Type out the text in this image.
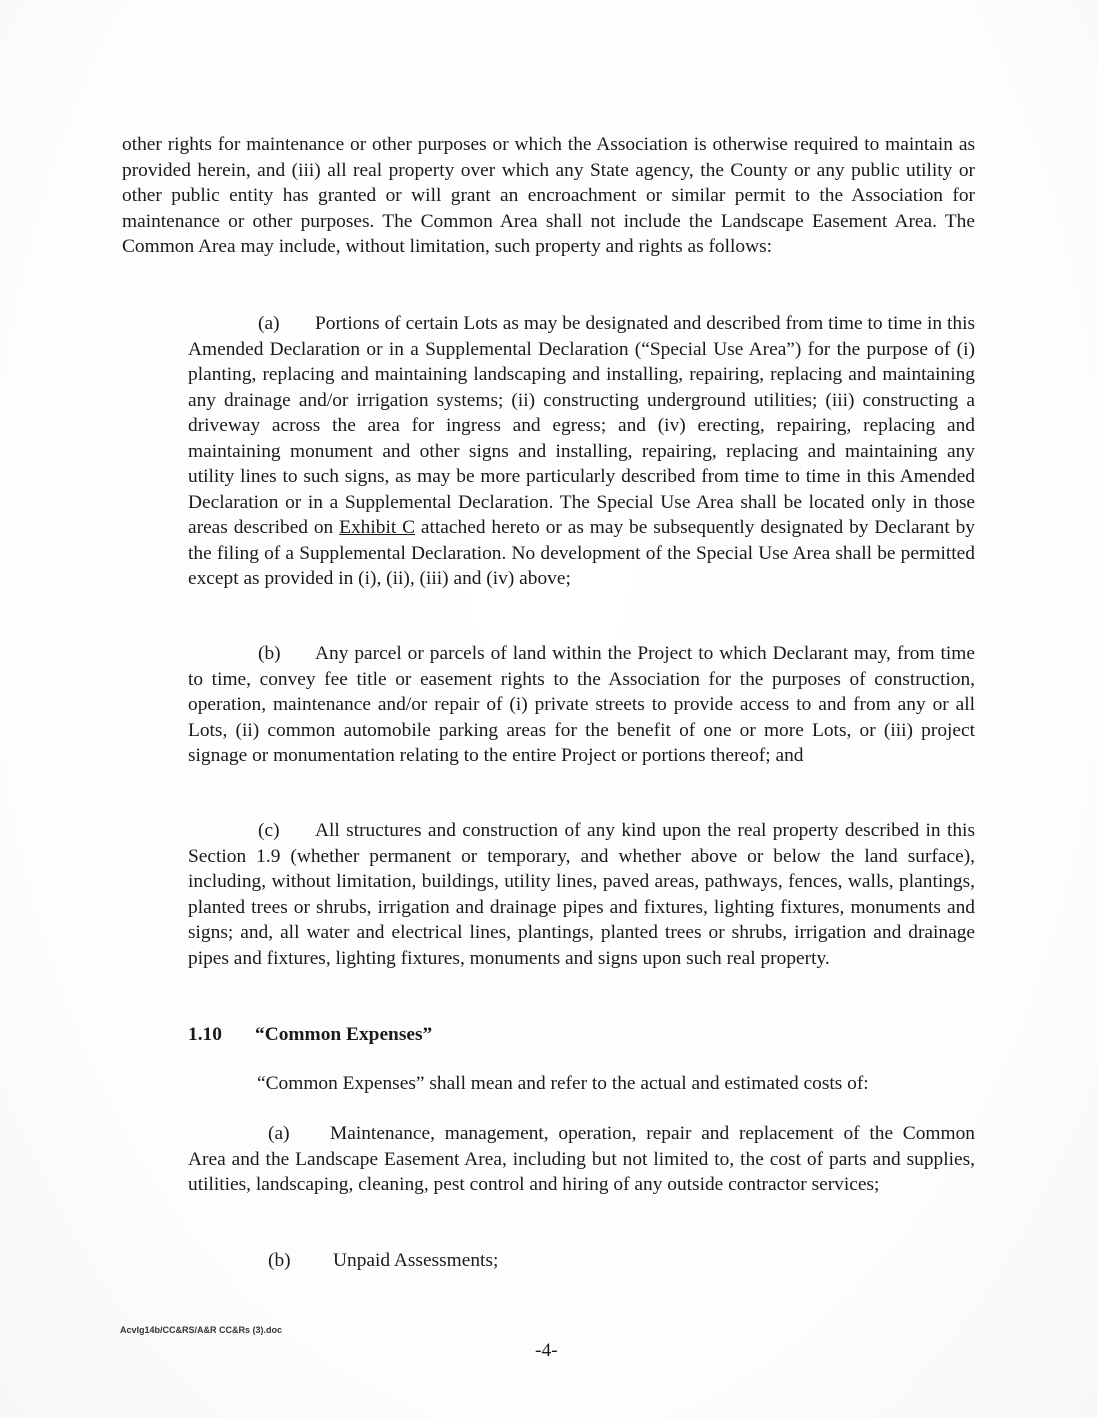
other rights for maintenance or other purposes or which the Association is otherwise required to maintain as provided herein, and (iii) all real property over which any State agency, the County or any public utility or other public entity has granted or will grant an encroachment or similar permit to the Association for maintenance or other purposes. The Common Area shall not include the Landscape Easement Area. The Common Area may include, without limitation, such property and rights as follows:

(a) Portions of certain Lots as may be designated and described from time to time in this Amended Declaration or in a Supplemental Declaration (“Special Use Area”) for the purpose of (i) planting, replacing and maintaining landscaping and installing, repairing, replacing and maintaining any drainage and/or irrigation systems; (ii) constructing underground utilities; (iii) constructing a driveway across the area for ingress and egress; and (iv) erecting, repairing, replacing and maintaining monument and other signs and installing, repairing, replacing and maintaining any utility lines to such signs, as may be more particularly described from time to time in this Amended Declaration or in a Supplemental Declaration. The Special Use Area shall be located only in those areas described on Exhibit C attached hereto or as may be subsequently designated by Declarant by the filing of a Supplemental Declaration. No development of the Special Use Area shall be permitted except as provided in (i), (ii), (iii) and (iv) above;

(b) Any parcel or parcels of land within the Project to which Declarant may, from time to time, convey fee title or easement rights to the Association for the purposes of construction, operation, maintenance and/or repair of (i) private streets to provide access to and from any or all Lots, (ii) common automobile parking areas for the benefit of one or more Lots, or (iii) project signage or monumentation relating to the entire Project or portions thereof; and

(c) All structures and construction of any kind upon the real property described in this Section 1.9 (whether permanent or temporary, and whether above or below the land surface), including, without limitation, buildings, utility lines, paved areas, pathways, fences, walls, plantings, planted trees or shrubs, irrigation and drainage pipes and fixtures, lighting fixtures, monuments and signs; and, all water and electrical lines, plantings, planted trees or shrubs, irrigation and drainage pipes and fixtures, lighting fixtures, monuments and signs upon such real property.

1.10 “Common Expenses”

“Common Expenses” shall mean and refer to the actual and estimated costs of:

(a) Maintenance, management, operation, repair and replacement of the Common Area and the Landscape Easement Area, including but not limited to, the cost of parts and supplies, utilities, landscaping, cleaning, pest control and hiring of any outside contractor services;

(b) Unpaid Assessments;

Acvlg14b/CC&RS/A&R CC&Rs (3).doc
-4-
